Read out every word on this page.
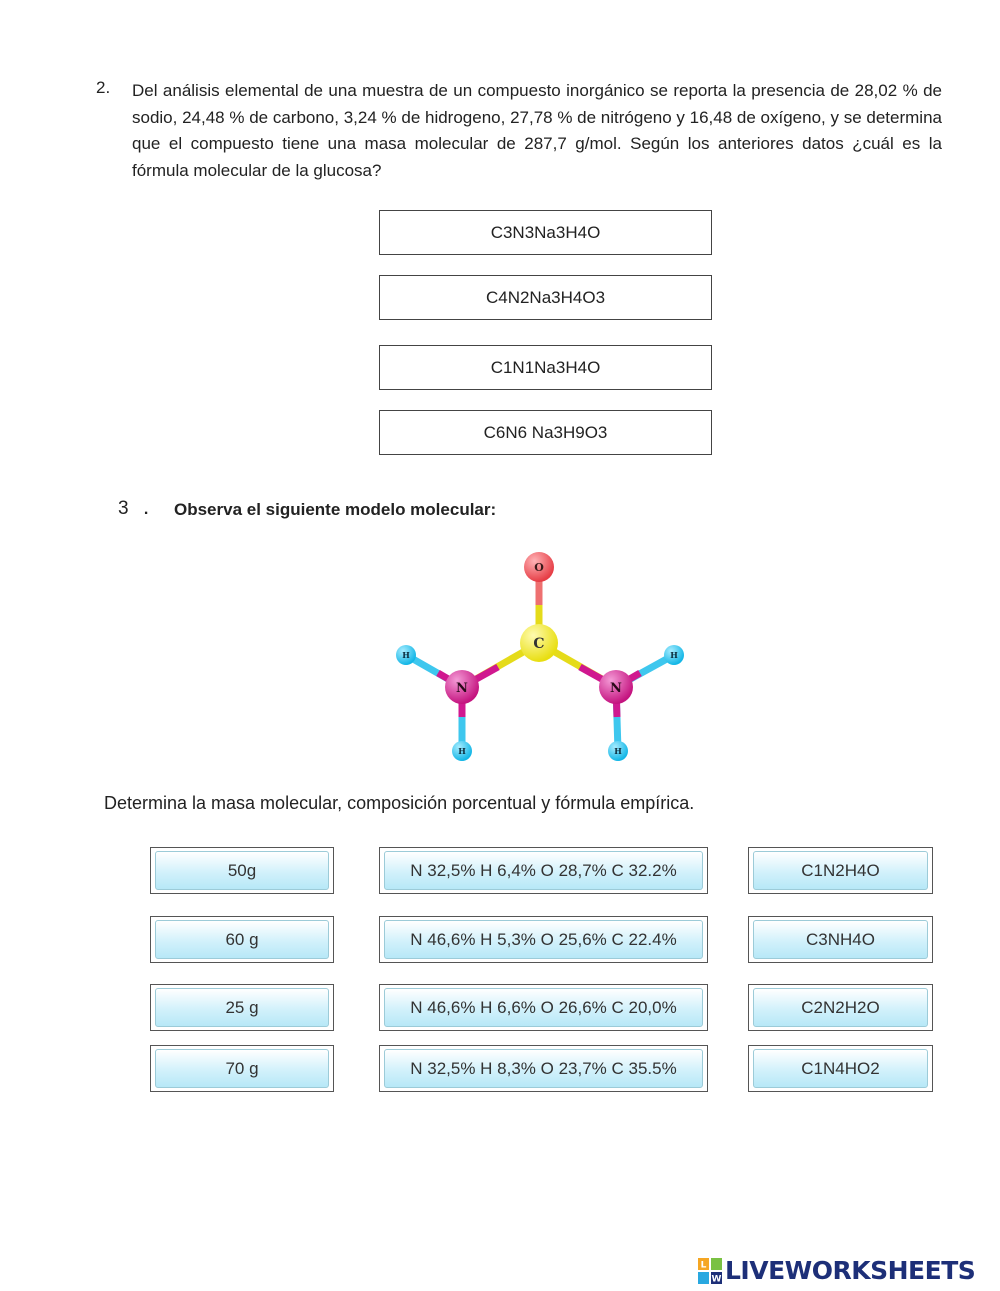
2. Del análisis elemental de una muestra de un compuesto inorgánico se reporta la presencia de 28,02 % de sodio, 24,48 % de carbono, 3,24 % de hidrogeno, 27,78 % de nitrógeno y 16,48 de oxígeno, y se determina que el compuesto tiene una masa molecular de 287,7 g/mol. Según los anteriores datos ¿cuál es la fórmula molecular de la glucosa?
C3N3Na3H4O
C4N2Na3H4O3
C1N1Na3H4O
C6N6 Na3H9O3
3 . Observa el siguiente modelo molecular:
O
C
N	N
H
H
H
H
Determina la masa molecular, composición porcentual y fórmula empírica.
50g
60 g
25 g
70 g
N 32,5% H 6,4% O 28,7% C 32.2%
N 46,6% H 5,3% O 25,6% C 22.4%
N 46,6% H 6,6% O 26,6% C 20,0%
N 32,5% H 8,3% O 23,7% C 35.5%
C1N2H4O
C3NH4O
C2N2H2O
C1N4HO2
L
W LIVEWORKSHEETS
